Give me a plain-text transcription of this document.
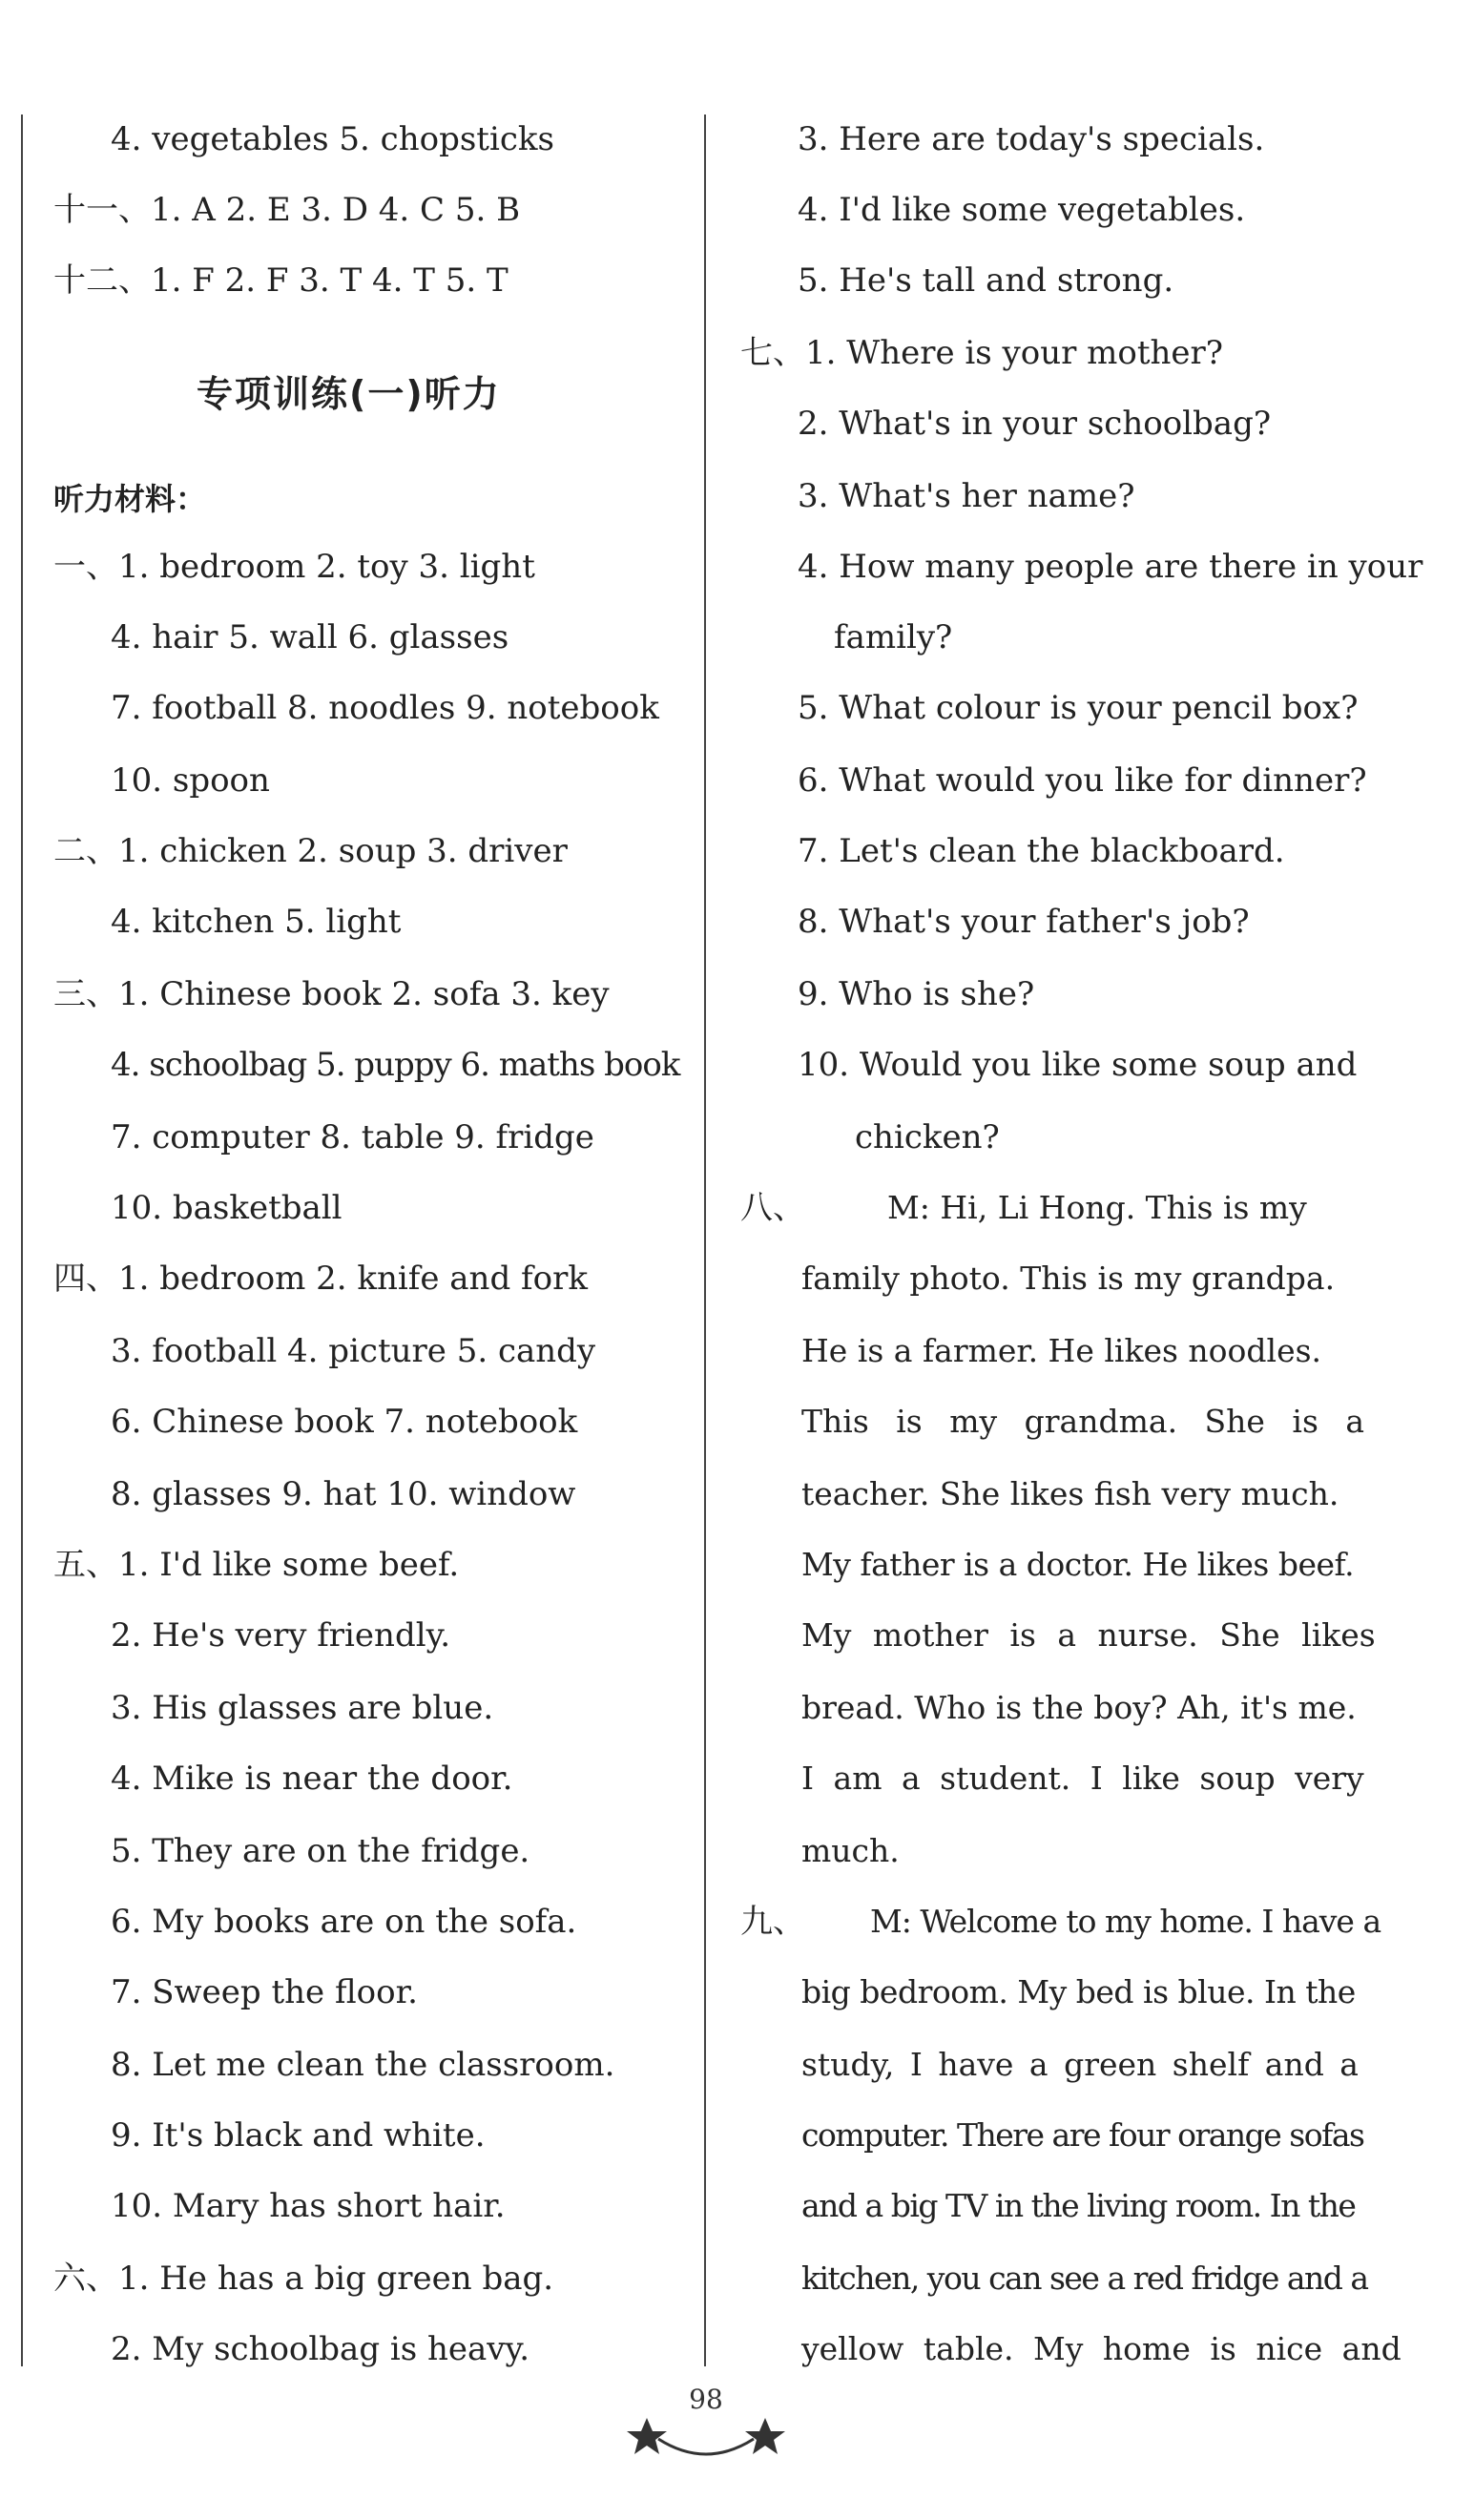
4. vegetables 5. chopsticks
十一、1. A 2. E 3. D 4. C 5. B
十二、1. F 2. F 3. T 4. T 5. T
专项训练(一)听力
听力材料：
一、1. bedroom 2. toy 3. light
4. hair 5. wall 6. glasses
7. football 8. noodles 9. notebook
10. spoon
二、1. chicken 2. soup 3. driver
4. kitchen 5. light
三、1. Chinese book 2. sofa 3. key
4. schoolbag 5. puppy 6. maths book
7. computer 8. table 9. fridge
10. basketball
四、1. bedroom 2. knife and fork
3. football 4. picture 5. candy
6. Chinese book 7. notebook
8. glasses 9. hat 10. window
五、1. I'd like some beef.
2. He's very friendly.
3. His glasses are blue.
4. Mike is near the door.
5. They are on the fridge.
6. My books are on the sofa.
7. Sweep the floor.
8. Let me clean the classroom.
9. It's black and white.
10. Mary has short hair.
六、1. He has a big green bag.
2. My schoolbag is heavy.
3. Here are today's specials.
4. I'd like some vegetables.
5. He's tall and strong.
七、1. Where is your mother?
2. What's in your schoolbag?
3. What's her name?
4. How many people are there in your
family?
5. What colour is your pencil box?
6. What would you like for dinner?
7. Let's clean the blackboard.
8. What's your father's job?
9. Who is she?
10. Would you like some soup and
chicken?
八、	M: Hi, Li Hong. This is my
family photo. This is my grandpa.
He is a farmer. He likes noodles.
This is my grandma. She is a
teacher. She likes fish very much.
My father is a doctor. He likes beef.
My mother is a nurse. She likes
bread. Who is the boy? Ah, it's me.
I am a student. I like soup very
much.
九、 M: Welcome to my home. I have a
big bedroom. My bed is blue. In the
study, I have a green shelf and a
computer. There are four orange sofas
and a big TV in the living room. In the
kitchen, you can see a red fridge and a
yellow table. My home is nice and
98
